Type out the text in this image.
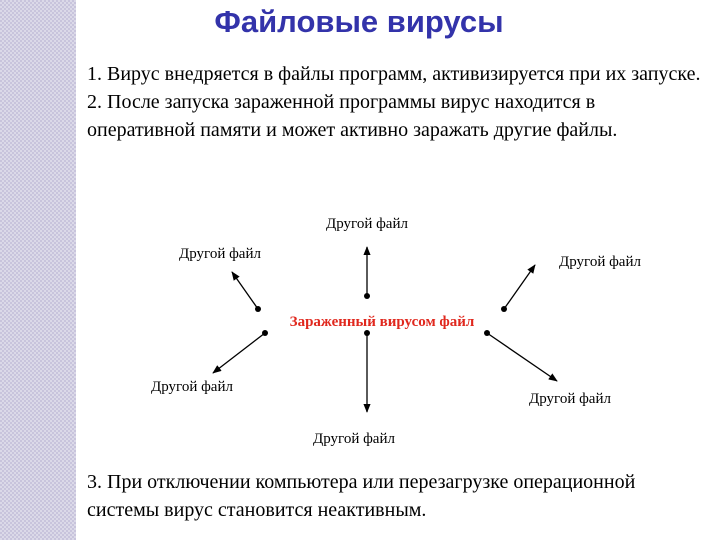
Файловые вирусы
1. Вирус внедряется в файлы программ, активизируется при их запуске.
2. После запуска зараженной программы вирус находится в оперативной памяти и может активно заражать другие файлы.
Зараженный вирусом файл
Другой файл
Другой файл	Другой файл
Другой файл
Другой файл
Другой файл
3. При отключении компьютера или перезагрузке операционной системы вирус становится неактивным.
